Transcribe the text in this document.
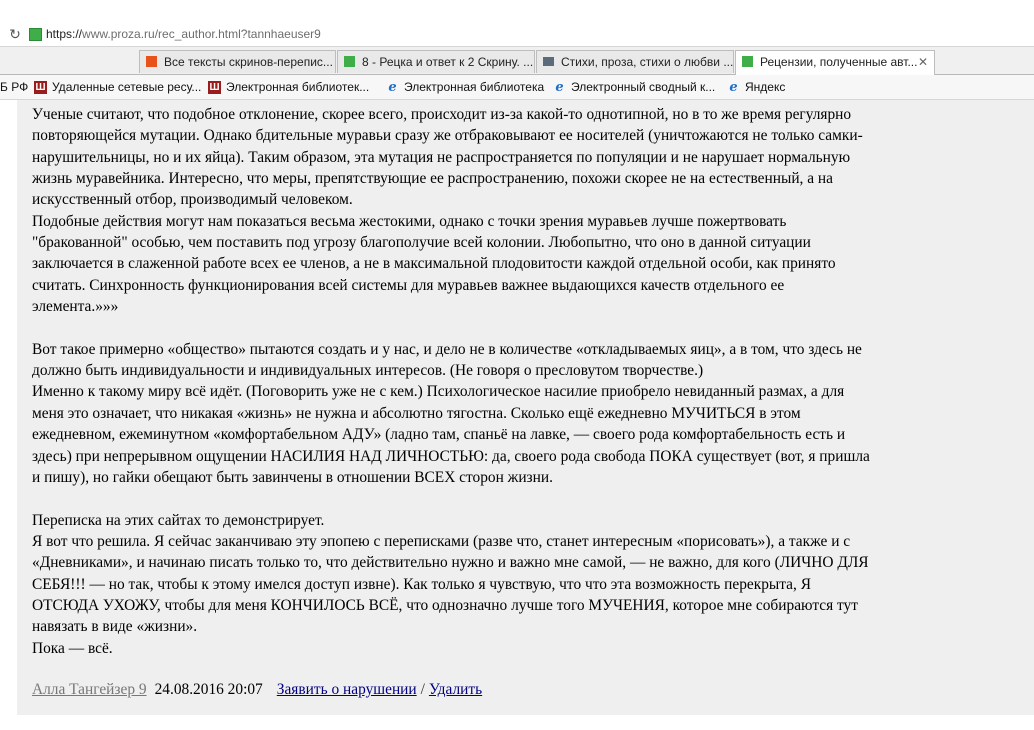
↻ https://www.proza.ru/rec_author.html?tannhaeuser9
Все тексты скринов-перепис...	8 - Рецка и ответ к 2 Скрину. ...	Стихи, проза, стихи о любви ...	Рецензии, полученные авт... ✕
Б РФ Ш Удаленные сетевые ресу... Ш Электронная библиотек... e Электронная библиотека e Электронный сводный к... e Яндекс

Ученые считают, что подобное отклонение, скорее всего, происходит из-за какой-то однотипной, но в то же время регулярно

повторяющейся мутации. Однако бдительные муравьи сразу же отбраковывают ее носителей (уничтожаются не только самки-

нарушительницы, но и их яйца). Таким образом, эта мутация не распространяется по популяции и не нарушает нормальную

жизнь муравейника. Интересно, что меры, препятствующие ее распространению, похожи скорее не на естественный, а на

искусственный отбор, производимый человеком.

Подобные действия могут нам показаться весьма жестокими, однако с точки зрения муравьев лучше пожертвовать

"бракованной" особью, чем поставить под угрозу благополучие всей колонии. Любопытно, что оно в данной ситуации

заключается в слаженной работе всех ее членов, а не в максимальной плодовитости каждой отдельной особи, как принято

считать. Синхронность функционирования всей системы для муравьев важнее выдающихся качеств отдельного ее

элемента.»»»

Вот такое примерно «общество» пытаются создать и у нас, и дело не в количестве «откладываемых яиц», а в том, что здесь не

должно быть индивидуальности и индивидуальных интересов. (Не говоря о пресловутом творчестве.)

Именно к такому миру всё идёт. (Поговорить уже не с кем.) Психологическое насилие приобрело невиданный размах, а для

меня это означает, что никакая «жизнь» не нужна и абсолютно тягостна. Сколько ещё ежедневно МУЧИТЬСЯ в этом

ежедневном, ежеминутном «комфортабельном АДУ» (ладно там, спаньё на лавке, — своего рода комфортабельность есть и

здесь) при непрерывном ощущении НАСИЛИЯ НАД ЛИЧНОСТЬЮ: да, своего рода свобода ПОКА существует (вот, я пришла

и пишу), но гайки обещают быть завинчены в отношении ВСЕХ сторон жизни.

Переписка на этих сайтах то демонстрирует.

Я вот что решила. Я сейчас заканчиваю эту эпопею с переписками (разве что, станет интересным «порисовать»), а также и с

«Дневниками», и начинаю писать только то, что действительно нужно и важно мне самой, — не важно, для кого (ЛИЧНО ДЛЯ

СЕБЯ!!! — но так, чтобы к этому имелся доступ извне). Как только я чувствую, что что эта возможность перекрыта, Я

ОТСЮДА УХОЖУ, чтобы для меня КОНЧИЛОСЬ ВСЁ, что однозначно лучше того МУЧЕНИЯ, которое мне собираются тут

навязать в виде «жизни».

Пока — всё.

Алла Тангейзер 9 24.08.2016 20:07 Заявить о нарушении / Удалить
